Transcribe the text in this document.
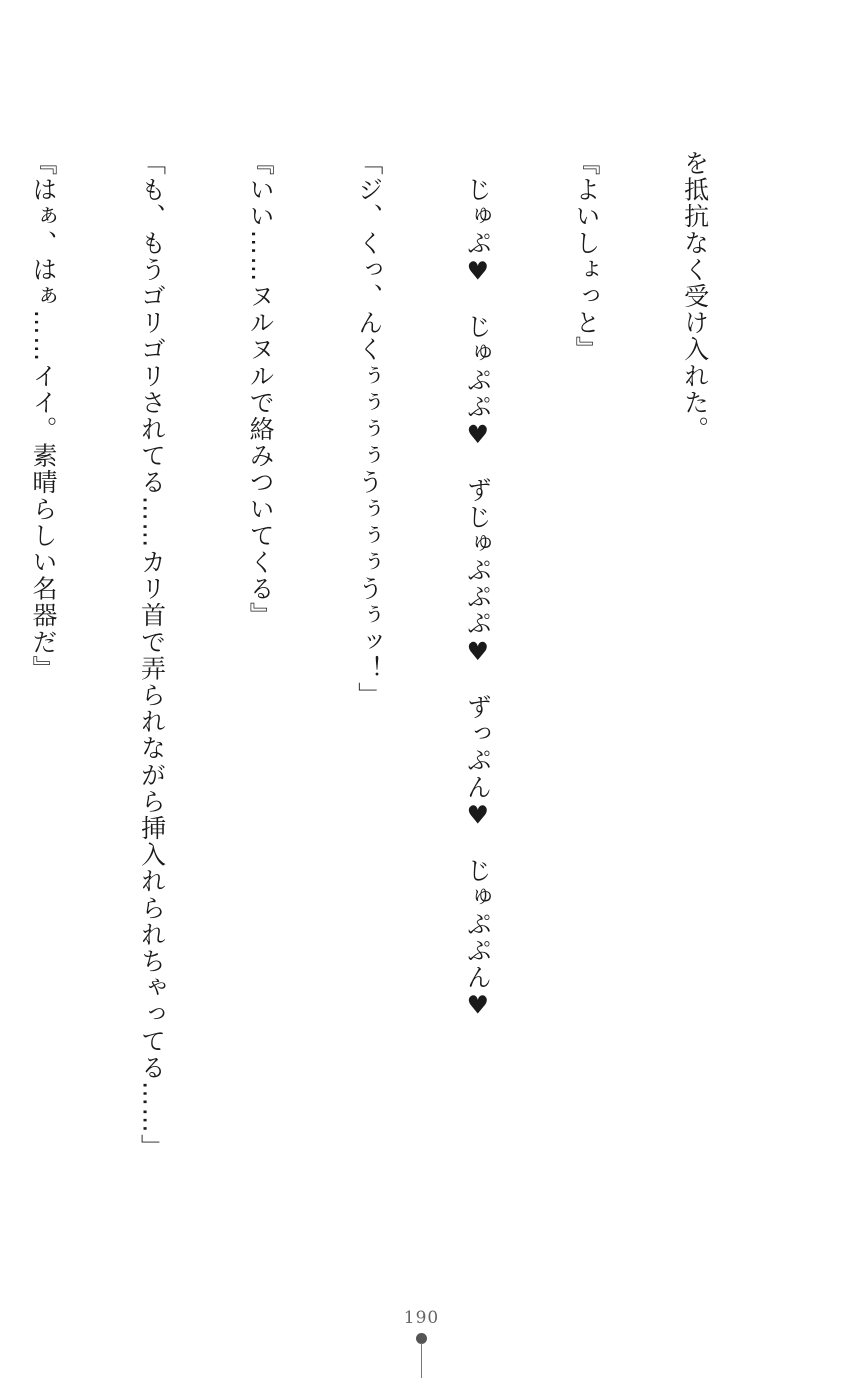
を抵抗なく受け入れた。

『よいしょっと』

　じゅぷ♥　じゅぷぷ♥　ずじゅぷぷぷ♥　ずっぷん♥　じゅぷぷん♥

「ジ、くっ、んくぅぅぅぅうぅぅぅうぅッ！」

『いい……ヌルヌルで絡みついてくる』

「も、もうゴリゴリされてる……カリ首で弄られながら挿入れられちゃってる……」

『はぁ、はぁ……イイ。素晴らしい名器だ』

190
